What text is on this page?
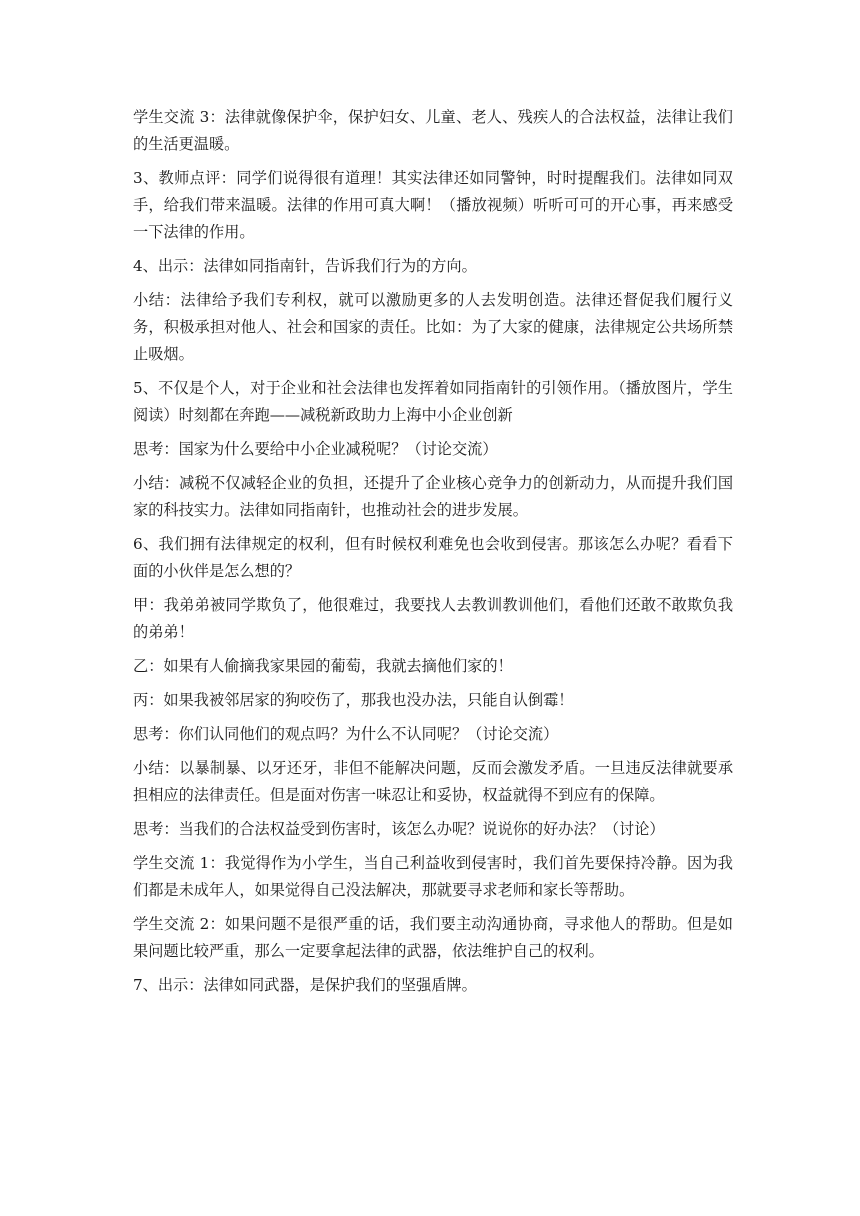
学生交流 3：法律就像保护伞，保护妇女、儿童、老人、残疾人的合法权益，法律让我们的生活更温暖。

3、教师点评：同学们说得很有道理！其实法律还如同警钟，时时提醒我们。法律如同双手，给我们带来温暖。法律的作用可真大啊！（播放视频）听听可可的开心事，再来感受一下法律的作用。

4、出示：法律如同指南针，告诉我们行为的方向。

小结：法律给予我们专利权，就可以激励更多的人去发明创造。法律还督促我们履行义务，积极承担对他人、社会和国家的责任。比如：为了大家的健康，法律规定公共场所禁止吸烟。

5、不仅是个人，对于企业和社会法律也发挥着如同指南针的引领作用。（播放图片，学生阅读）时刻都在奔跑——减税新政助力上海中小企业创新

思考：国家为什么要给中小企业减税呢？（讨论交流）

小结：减税不仅减轻企业的负担，还提升了企业核心竞争力的创新动力，从而提升我们国家的科技实力。法律如同指南针，也推动社会的进步发展。

6、我们拥有法律规定的权利，但有时候权利难免也会收到侵害。那该怎么办呢？看看下面的小伙伴是怎么想的？

甲：我弟弟被同学欺负了，他很难过，我要找人去教训教训他们，看他们还敢不敢欺负我的弟弟！

乙：如果有人偷摘我家果园的葡萄，我就去摘他们家的！

丙：如果我被邻居家的狗咬伤了，那我也没办法，只能自认倒霉！

思考：你们认同他们的观点吗？为什么不认同呢？（讨论交流）

小结：以暴制暴、以牙还牙，非但不能解决问题，反而会激发矛盾。一旦违反法律就要承担相应的法律责任。但是面对伤害一味忍让和妥协，权益就得不到应有的保障。

思考：当我们的合法权益受到伤害时，该怎么办呢？说说你的好办法？（讨论）

学生交流 1：我觉得作为小学生，当自己利益收到侵害时，我们首先要保持冷静。因为我们都是未成年人，如果觉得自己没法解决，那就要寻求老师和家长等帮助。

学生交流 2：如果问题不是很严重的话，我们要主动沟通协商，寻求他人的帮助。但是如果问题比较严重，那么一定要拿起法律的武器，依法维护自己的权利。

7、出示：法律如同武器，是保护我们的坚强盾牌。
